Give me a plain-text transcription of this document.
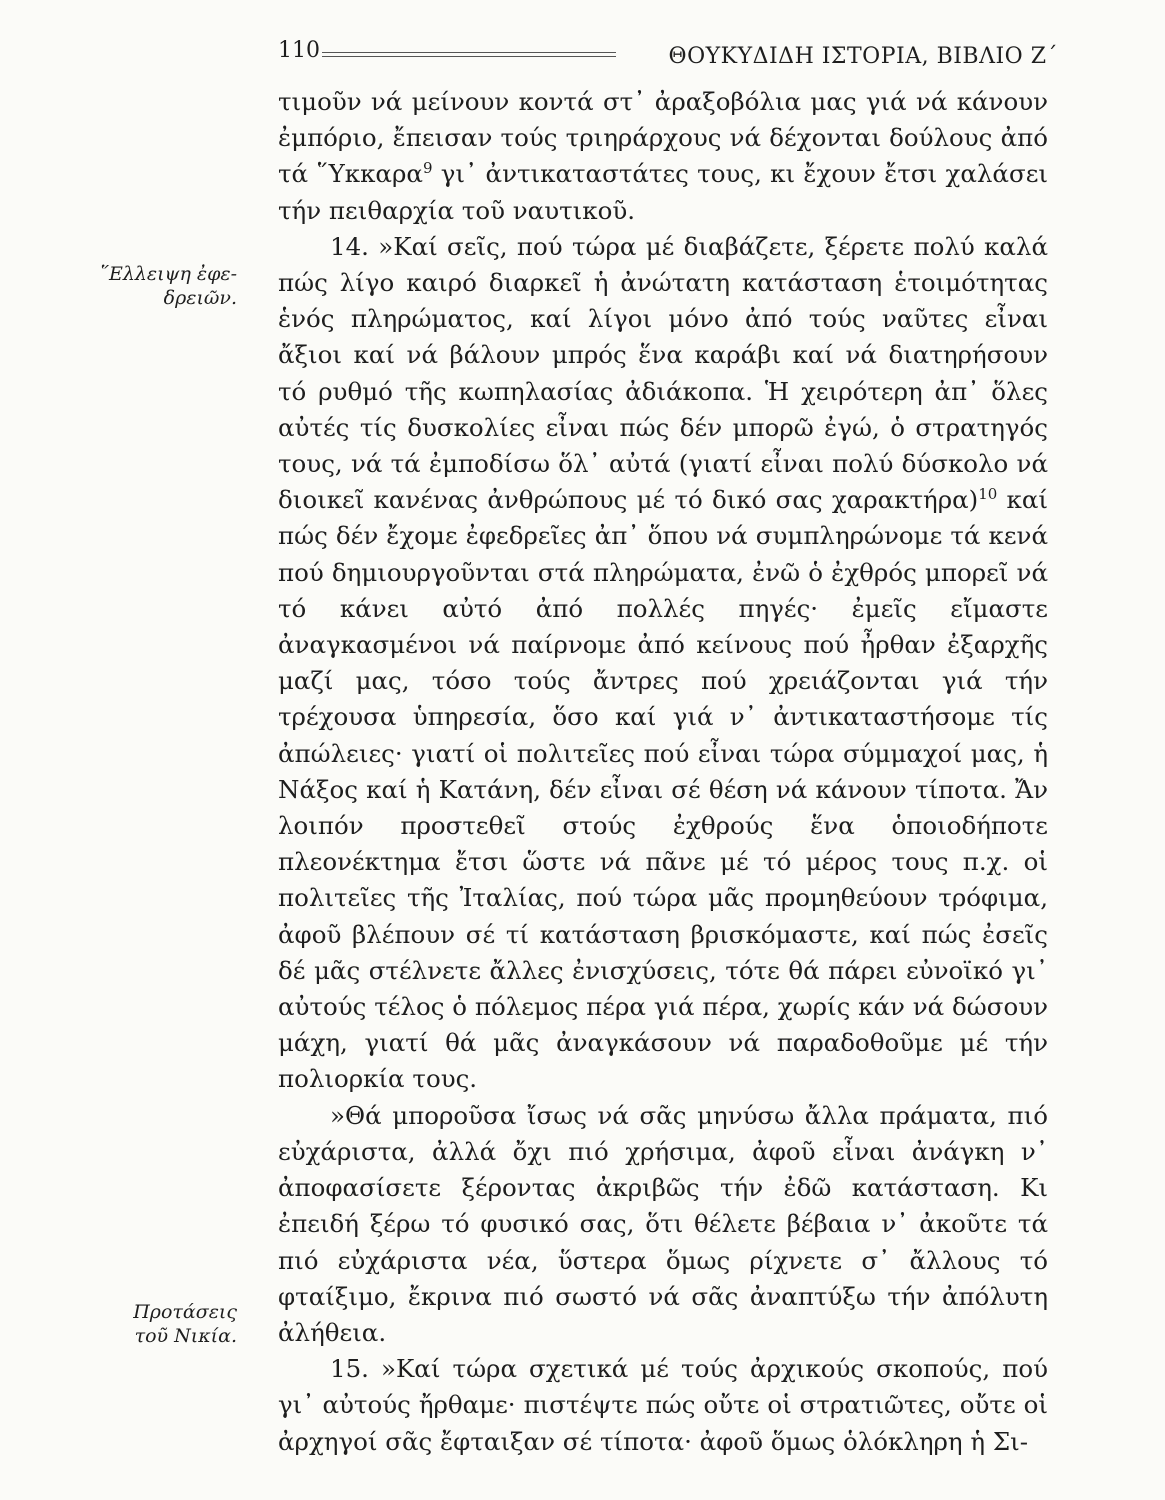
110	ΘΟΥΚΥΔΙΔΗ ΙΣΤΟΡΙΑ, ΒΙΒΛΙΟ Ζ΄
῞Ελλειψη ἐφε-
δρειῶν.
Προτάσεις
τοῦ Νικία.

τιμοῦν νά μείνουν κοντά στ᾽ ἀραξοβόλια μας γιά νά κάνουν ἐμπόριο, ἔπεισαν τούς τριηράρχους νά δέχονται δούλους ἀπό τά ῞Υκκαρα$^9$ γι᾽ ἀντικαταστάτες τους, κι ἔχουν ἔτσι χαλάσει τήν πειθαρχία τοῦ ναυτικοῦ.

14. »Καί σεῖς, πού τώρα μέ διαβάζετε, ξέρετε πολύ καλά πώς λίγο καιρό διαρκεῖ ἡ ἀνώτατη κατάσταση ἑτοιμότητας ἑνός πληρώματος, καί λίγοι μόνο ἀπό τούς ναῦτες εἶναι ἄξιοι καί νά βάλουν μπρός ἕνα καράβι καί νά διατηρήσουν τό ρυθμό τῆς κωπηλασίας ἀδιάκοπα. Ἡ χειρότερη ἀπ᾽ ὅλες αὐτές τίς δυσκολίες εἶναι πώς δέν μπορῶ ἐγώ, ὁ στρατηγός τους, νά τά ἐμποδίσω ὅλ᾽ αὐτά (γιατί εἶναι πολύ δύσκολο νά διοικεῖ κανένας ἀνθρώπους μέ τό δικό σας χαρακτήρα)$^{10}$ καί πώς δέν ἔχομε ἐφεδρεῖες ἀπ᾽ ὅπου νά συμπληρώνομε τά κενά πού δημιουργοῦνται στά πληρώματα, ἐνῶ ὁ ἐχθρός μπορεῖ νά τό κάνει αὐτό ἀπό πολλές πηγές· ἐμεῖς εἴμαστε ἀναγκασμένοι νά παίρνομε ἀπό κείνους πού ἦρθαν ἐξαρχῆς μαζί μας, τόσο τούς ἄντρες πού χρειάζονται γιά τήν τρέχουσα ὑπηρεσία, ὅσο καί γιά ν᾽ ἀντικαταστήσομε τίς ἀπώλειες· γιατί οἱ πολιτεῖες πού εἶναι τώρα σύμμαχοί μας, ἡ Νάξος καί ἡ Κατάνη, δέν εἶναι σέ θέση νά κάνουν τίποτα. Ἄν λοιπόν προστεθεῖ στούς ἐχθρούς ἕνα ὁποιοδήποτε πλεονέκτημα ἔτσι ὥστε νά πᾶνε μέ τό μέρος τους π.χ. οἱ πολιτεῖες τῆς Ἰταλίας, πού τώρα μᾶς προμηθεύουν τρόφιμα, ἀφοῦ βλέπουν σέ τί κατάσταση βρισκόμαστε, καί πώς ἐσεῖς δέ μᾶς στέλνετε ἄλλες ἐνισχύσεις, τότε θά πάρει εὐνοϊκό γι᾽ αὐτούς τέλος ὁ πόλεμος πέρα γιά πέρα, χωρίς κάν νά δώσουν μάχη, γιατί θά μᾶς ἀναγκάσουν νά παραδοθοῦμε μέ τήν πολιορκία τους.

»Θά μποροῦσα ἴσως νά σᾶς μηνύσω ἄλλα πράματα, πιό εὐχάριστα, ἀλλά ὄχι πιό χρήσιμα, ἀφοῦ εἶναι ἀνάγκη ν᾽ ἀποφασίσετε ξέροντας ἀκριβῶς τήν ἐδῶ κατάσταση. Κι ἐπειδή ξέρω τό φυσικό σας, ὅτι θέλετε βέβαια ν᾽ ἀκοῦτε τά πιό εὐχάριστα νέα, ὕστερα ὅμως ρίχνετε σ᾽ ἄλλους τό φταίξιμο, ἔκρινα πιό σωστό νά σᾶς ἀναπτύξω τήν ἀπόλυτη ἀλήθεια.

15. »Καί τώρα σχετικά μέ τούς ἀρχικούς σκοπούς, πού γι᾽ αὐτούς ἤρθαμε· πιστέψτε πώς οὔτε οἱ στρατιῶτες, οὔτε οἱ ἀρχηγοί σᾶς ἔφταιξαν σέ τίποτα· ἀφοῦ ὅμως ὁλόκληρη ἡ Σι-
